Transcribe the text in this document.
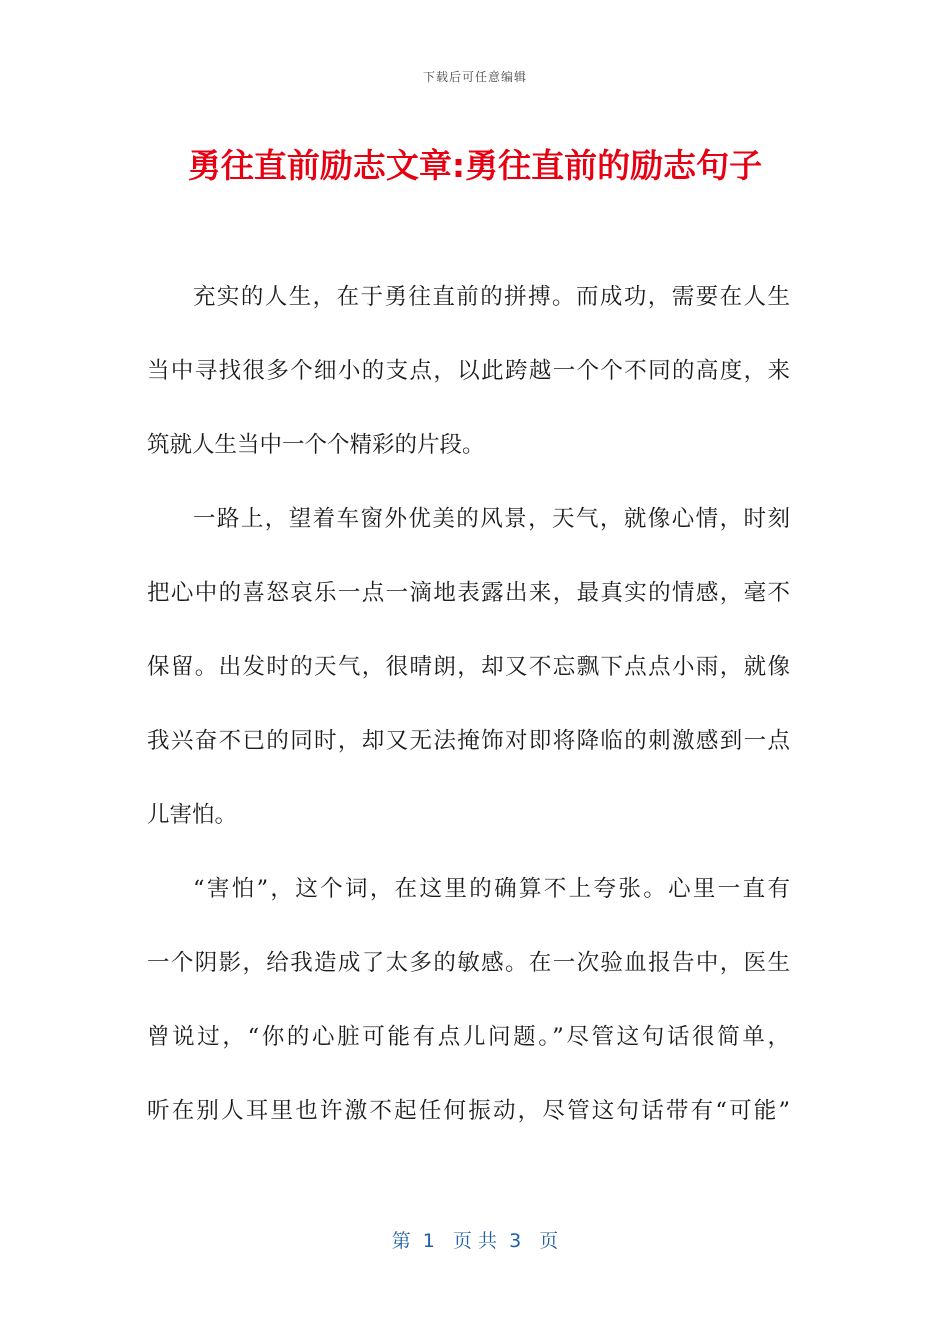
下载后可任意编辑
勇往直前励志文章:勇往直前的励志句子
充实的人生，在于勇往直前的拼搏。而成功，需要在人生
当中寻找很多个细小的支点，以此跨越一个个不同的高度，来
筑就人生当中一个个精彩的片段。
一路上，望着车窗外优美的风景，天气，就像心情，时刻
把心中的喜怒哀乐一点一滴地表露出来，最真实的情感，毫不
保留。出发时的天气，很晴朗，却又不忘飘下点点小雨，就像
我兴奋不已的同时，却又无法掩饰对即将降临的刺激感到一点
儿害怕。
“害怕”，这个词，在这里的确算不上夸张。心里一直有
一个阴影，给我造成了太多的敏感。在一次验血报告中，医生
曾说过，“你的心脏可能有点儿问题。”尽管这句话很简单，
听在别人耳里也许激不起任何振动，尽管这句话带有“可能”
第  1   页 共  3   页
